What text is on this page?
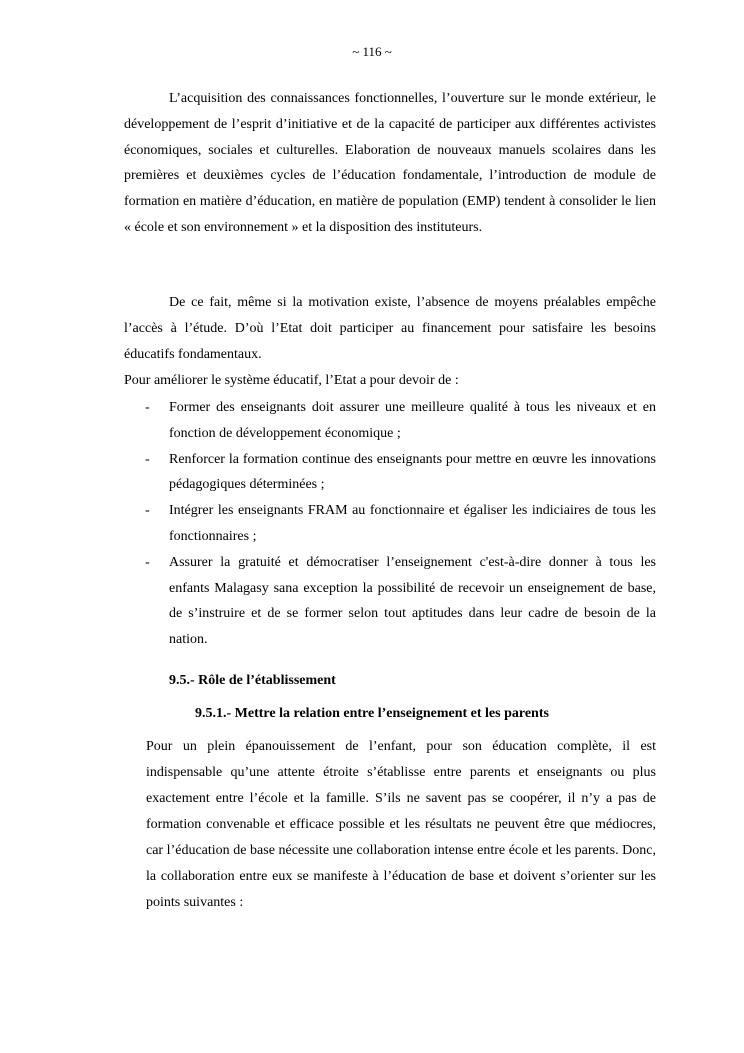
~ 116 ~

L’acquisition des connaissances fonctionnelles, l’ouverture sur le monde extérieur, le développement de l’esprit d’initiative et de la capacité de participer aux différentes activistes économiques, sociales et culturelles. Elaboration de nouveaux manuels scolaires dans les premières et deuxièmes cycles de l’éducation fondamentale, l’introduction de module de formation en matière d’éducation, en matière de population (EMP) tendent à consolider le lien « école et son environnement » et la disposition des instituteurs.

De ce fait, même si la motivation existe, l’absence de moyens préalables empêche l’accès à l’étude. D’où l’Etat doit participer au financement pour satisfaire les besoins éducatifs fondamentaux.

Pour améliorer le système éducatif, l’Etat a pour devoir de :

- Former des enseignants doit assurer une meilleure qualité à tous les niveaux et en fonction de développement économique ;
- Renforcer la formation continue des enseignants pour mettre en œuvre les innovations pédagogiques déterminées ;
- Intégrer les enseignants FRAM au fonctionnaire et égaliser les indiciaires de tous les fonctionnaires ;
- Assurer la gratuité et démocratiser l’enseignement c'est-à-dire donner à tous les enfants Malagasy sana exception la possibilité de recevoir un enseignement de base, de s’instruire et de se former selon tout aptitudes dans leur cadre de besoin de la nation.
9.5.- Rôle de l’établissement
9.5.1.- Mettre la relation entre l’enseignement et les parents

Pour un plein épanouissement de l’enfant, pour son éducation complète, il est indispensable qu’une attente étroite s’établisse entre parents et enseignants ou plus exactement entre l’école et la famille. S’ils ne savent pas se coopérer, il n’y a pas de formation convenable et efficace possible et les résultats ne peuvent être que médiocres, car l’éducation de base nécessite une collaboration intense entre école et les parents. Donc, la collaboration entre eux se manifeste à l’éducation de base et doivent s’orienter sur les points suivantes :
